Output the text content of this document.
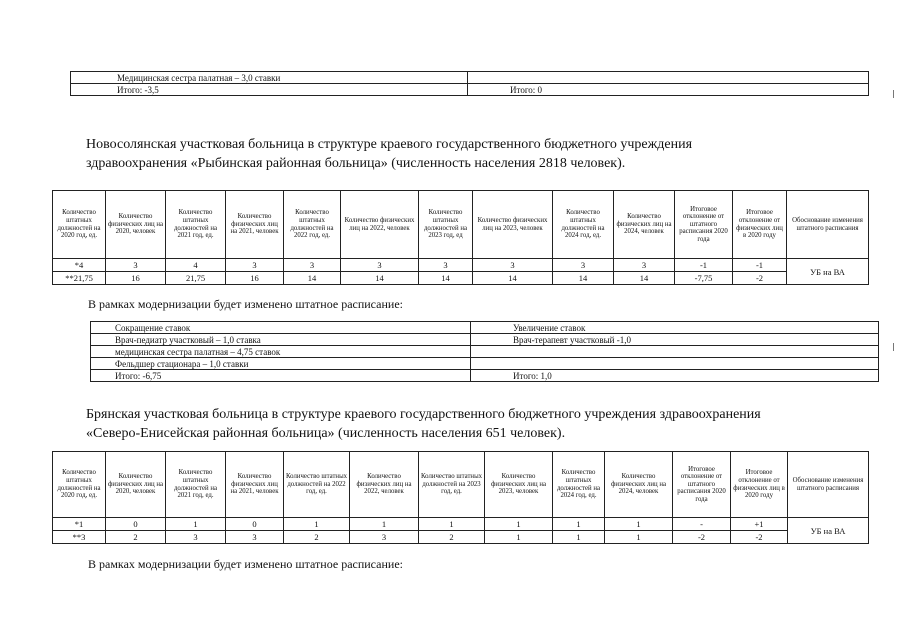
Медицинская сестра палатная – 3,0 ставки	
Итого: -3,5	Итого: 0
Новосолянская участковая больница в структуре краевого государственного бюджетного учреждения
здравоохранения «Рыбинская районная больница» (численность населения 2818 человек).
Количество штатных должностей на 2020 год, ед.	Количество физических лиц на 2020, человек	Количество штатных должностей на 2021 год, ед.	Количество физических лиц на 2021, человек	Количество штатных должностей на 2022 год, ед.	Количество физических лиц на 2022, человек	Количество штатных должностей на 2023 год, ед	Количество физических лиц на 2023, человек	Количество штатных должностей на 2024 год, ед.	Количество физических лиц на 2024, человек	Итоговое отклонение от штатного расписания 2020 года	Итоговое отклонение от физических лиц в 2020 году	Обоснование изменения штатного расписания
*4	3	4	3	3	3	3	3	3	3	-1	-1	УБ на ВА
**21,75	16	21,75	16	14	14	14	14	14	14	-7,75	-2	
В рамках модернизации будет изменено штатное расписание:
Сокращение ставок	Увеличение ставок
Врач-педиатр участковый – 1,0 ставка	Врач-терапевт участковый -1,0
медицинская сестра палатная – 4,75 ставок	
Фельдшер стационара – 1,0 ставки	
Итого: -6,75	Итого: 1,0
Брянская участковая больница в структуре краевого государственного бюджетного учреждения здравоохранения
«Северо-Енисейская районная больница» (численность населения 651 человек).
Количество штатных должностей на 2020 год, ед.	Количество физических лиц на 2020, человек	Количество штатных должностей на 2021 год, ед.	Количество физических лиц на 2021, человек	Количество штатных должностей на 2022 год, ед.	Количество физических лиц на 2022, человек	Количество штатных должностей на 2023 год, ед.	Количество физических лиц на 2023, человек	Количество штатных должностей на 2024 год, ед.	Количество физических лиц на 2024, человек	Итоговое отклонение от штатного расписания 2020 года	Итоговое отклонение от физических лиц в 2020 году	Обоснование изменения штатного расписания
*1	0	1	0	1	1	1	1	1	1	-	+1	УБ на ВА
**3	2	3	3	2	3	2	1	1	1	-2	-2	
В рамках модернизации будет изменено штатное расписание:
